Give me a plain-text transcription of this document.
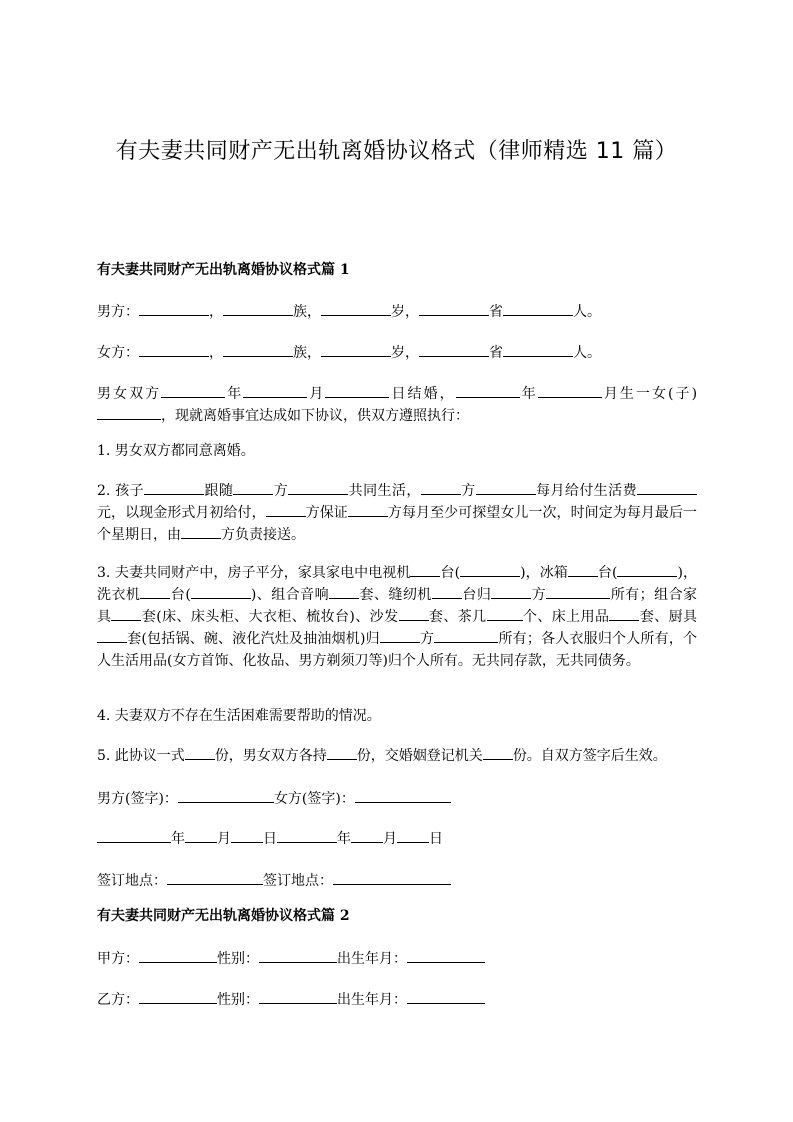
有夫妻共同财产无出轨离婚协议格式（律师精选 11 篇）
有夫妻共同财产无出轨离婚协议格式篇 1

男方：	，	族，	岁，	省	人。

女方：	，	族，	岁，	省	人。

男女双方	年	月	日结婚，	年	月生一女(子)，现就离婚事宜达成如下协议，供双方遵照执行：

1. 男女双方都同意离婚。

2. 孩子	跟随	方	共同生活，	方	每月给付生活费元，以现金形式月初给付，	方保证	方每月至少可探望女儿一次，时间定为每月最后一个星期日，由	方负责接送。

3. 夫妻共同财产中，房子平分，家具家电中电视机 台(	)，冰箱 台(	)，洗衣机 台(	)、组合音响 套、缝纫机 台归	方	所有；组合家具 套(床、床头柜、大衣柜、梳妆台)、沙发 套、茶几	个、床上用品 套、厨具套(包括锅、碗、液化汽灶及抽油烟机)归	方	所有；各人衣服归个人所有，个人生活用品(女方首饰、化妆品、男方剃须刀等)归个人所有。无共同存款，无共同债务。

4. 夫妻双方不存在生活困难需要帮助的情况。

5. 此协议一式 份，男女双方各持 份，交婚姻登记机关 份。自双方签字后生效。

男方(签字)：	女方(签字)：

年 月 日	年 月 日

签订地点：	签订地点：

有夫妻共同财产无出轨离婚协议格式篇 2

甲方：	性别：	出生年月：

乙方：	性别：	出生年月：
